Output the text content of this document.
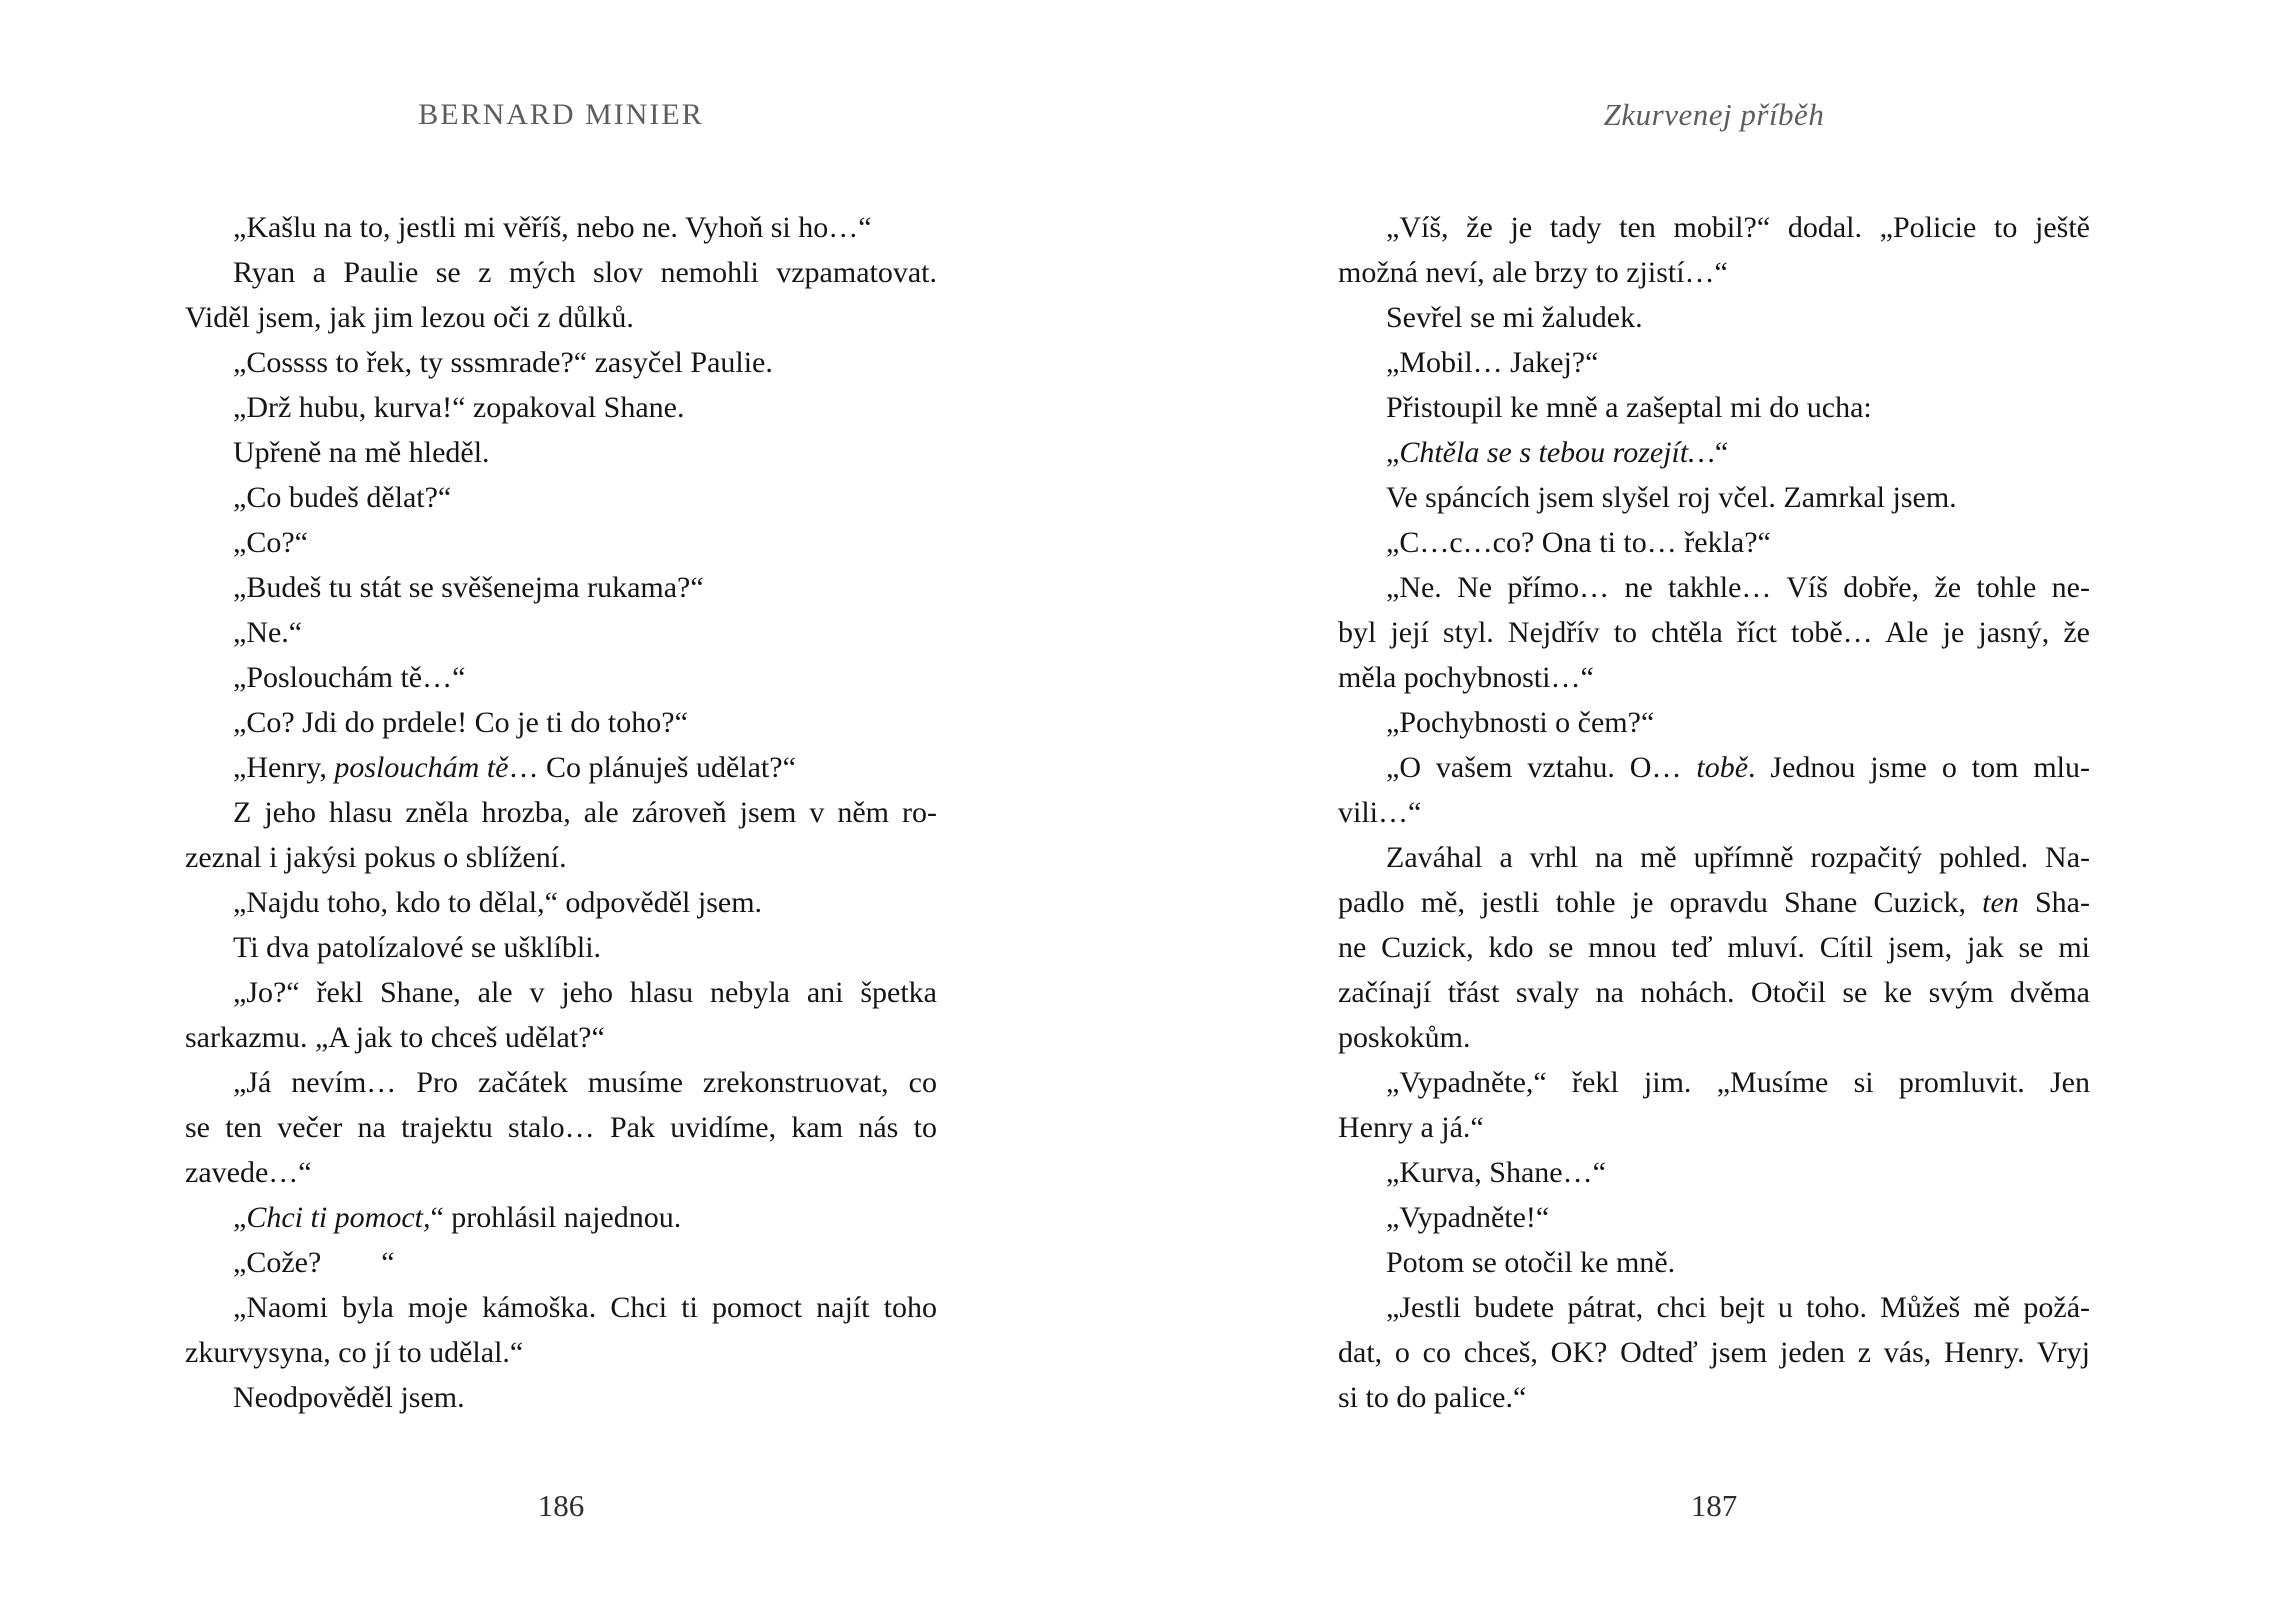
BERNARD MINIER

„Kašlu na to, jestli mi věříš, nebo ne. Vyhoň si ho…“

Ryan a Paulie se z mých slov nemohli vzpamatovat.
Viděl jsem, jak jim lezou oči z důlků.

„Cossss to řek, ty sssmrade?“ zasyčel Paulie.

„Drž hubu, kurva!“ zopakoval Shane.

Upřeně na mě hleděl.

„Co budeš dělat?“

„Co?“

„Budeš tu stát se svěšenejma rukama?“

„Ne.“

„Poslouchám tě…“

„Co? Jdi do prdele! Co je ti do toho?“

„Henry, poslouchám tě… Co plánuješ udělat?“

Z jeho hlasu zněla hrozba, ale zároveň jsem v něm ro-
zeznal i jakýsi pokus o sblížení.

„Najdu toho, kdo to dělal,“ odpověděl jsem.

Ti dva patolízalové se ušklíbli.

„Jo?“ řekl Shane, ale v jeho hlasu nebyla ani špetka
sarkazmu. „A jak to chceš udělat?“

„Já nevím… Pro začátek musíme zrekonstruovat, co
se ten večer na trajektu stalo… Pak uvidíme, kam nás to
zavede…“

„Chci ti pomoct,“ prohlásil najednou.

„Cože?        “

„Naomi byla moje kámoška. Chci ti pomoct najít toho
zkurvysyna, co jí to udělal.“

Neodpověděl jsem.

186
Zkurvenej příběh

„Víš, že je tady ten mobil?“ dodal. „Policie to ještě
možná neví, ale brzy to zjistí…“

Sevřel se mi žaludek.

„Mobil… Jakej?“

Přistoupil ke mně a zašeptal mi do ucha:

„Chtěla se s tebou rozejít…“

Ve spáncích jsem slyšel roj včel. Zamrkal jsem.

„C…c…co? Ona ti to… řekla?“

„Ne. Ne přímo… ne takhle… Víš dobře, že tohle ne-
byl její styl. Nejdřív to chtěla říct tobě… Ale je jasný, že
měla pochybnosti…“

„Pochybnosti o čem?“

„O vašem vztahu. O… tobě. Jednou jsme o tom mlu-
vili…“

Zaváhal a vrhl na mě upřímně rozpačitý pohled. Na-
padlo mě, jestli tohle je opravdu Shane Cuzick, ten Sha-
ne Cuzick, kdo se mnou teď mluví. Cítil jsem, jak se mi
začínají třást svaly na nohách. Otočil se ke svým dvěma
poskokům.

„Vypadněte,“ řekl jim. „Musíme si promluvit. Jen
Henry a já.“

„Kurva, Shane…“

„Vypadněte!“

Potom se otočil ke mně.

„Jestli budete pátrat, chci bejt u toho. Můžeš mě požá-
dat, o co chceš, OK? Odteď jsem jeden z vás, Henry. Vryj
si to do palice.“

187
